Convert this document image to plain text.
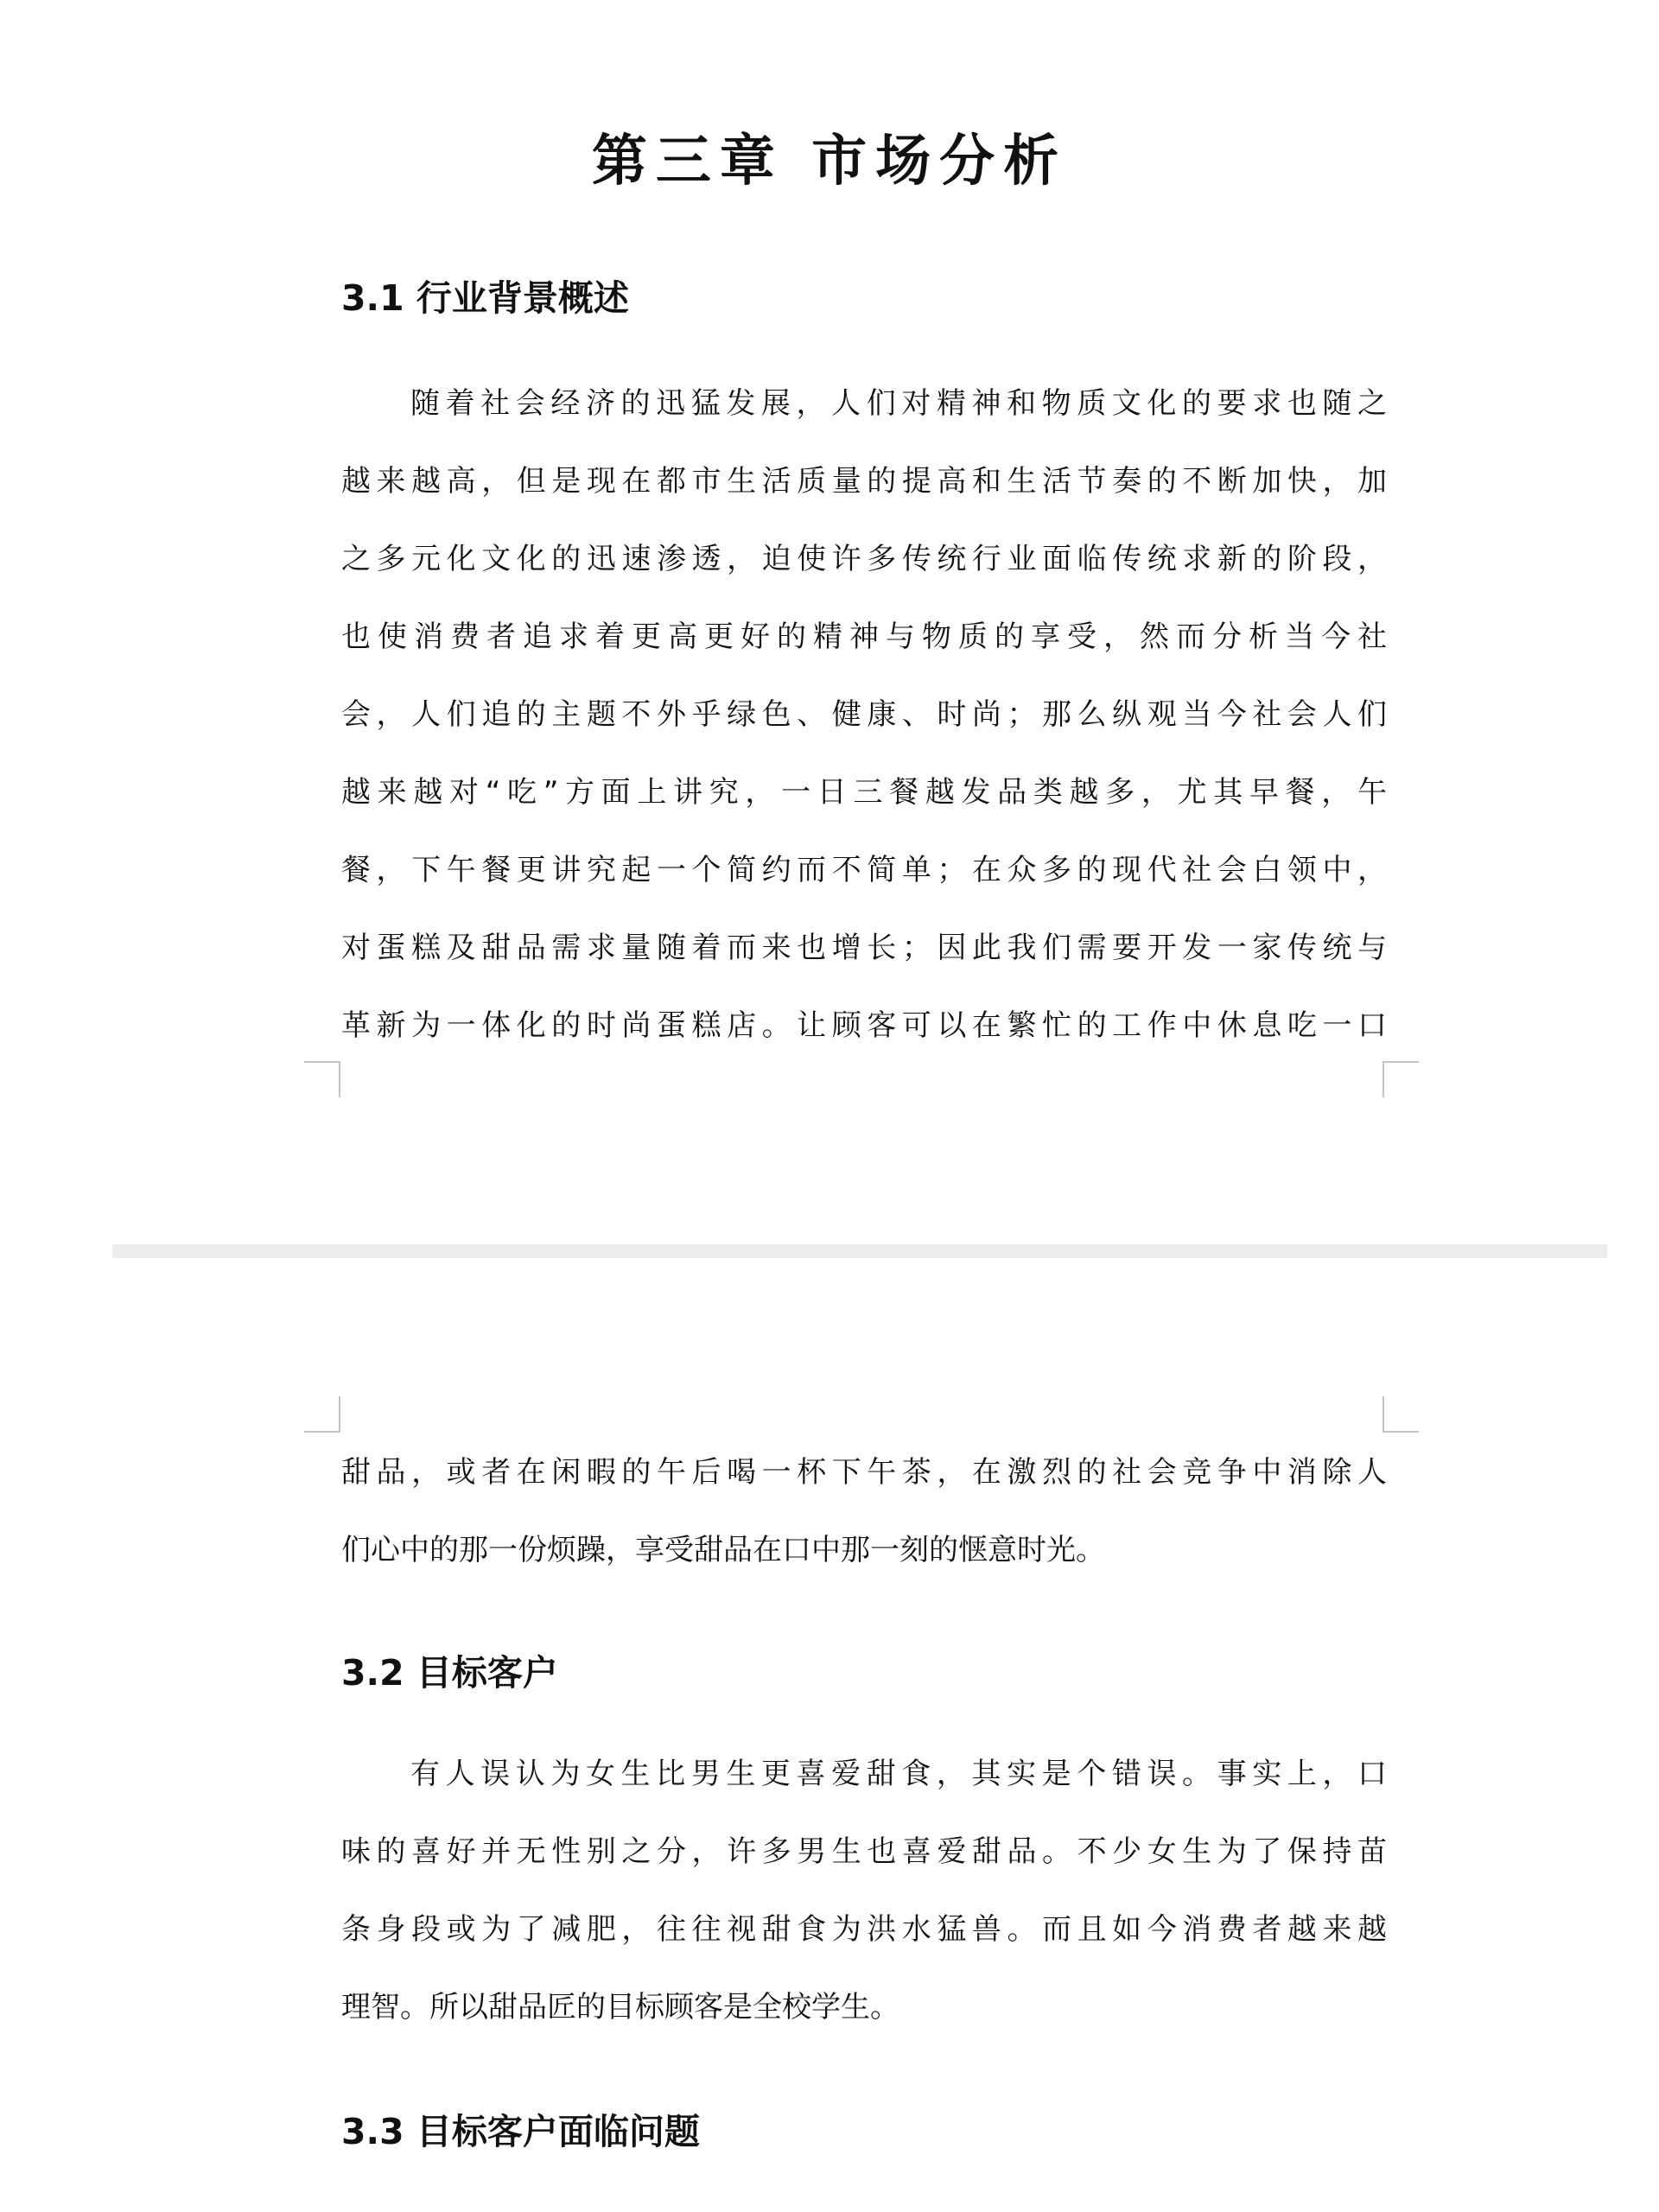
第三章 市场分析
3.1 行业背景概述

随着社会经济的迅猛发展，人们对精神和物质文化的要求也随之

越来越高，但是现在都市生活质量的提高和生活节奏的不断加快，加

之多元化文化的迅速渗透，迫使许多传统行业面临传统求新的阶段，

也使消费者追求着更高更好的精神与物质的享受，然而分析当今社

会，人们追的主题不外乎绿色、健康、时尚；那么纵观当今社会人们

越来越对“吃”方面上讲究，一日三餐越发品类越多，尤其早餐，午

餐，下午餐更讲究起一个简约而不简单；在众多的现代社会白领中，

对蛋糕及甜品需求量随着而来也增长；因此我们需要开发一家传统与

革新为一体化的时尚蛋糕店。让顾客可以在繁忙的工作中休息吃一口

甜品，或者在闲暇的午后喝一杯下午茶，在激烈的社会竞争中消除人

们心中的那一份烦躁，享受甜品在口中那一刻的惬意时光。

3.2 目标客户

有人误认为女生比男生更喜爱甜食，其实是个错误。事实上，口

味的喜好并无性别之分，许多男生也喜爱甜品。不少女生为了保持苗

条身段或为了减肥，往往视甜食为洪水猛兽。而且如今消费者越来越

理智。所以甜品匠的目标顾客是全校学生。

3.3 目标客户面临问题
